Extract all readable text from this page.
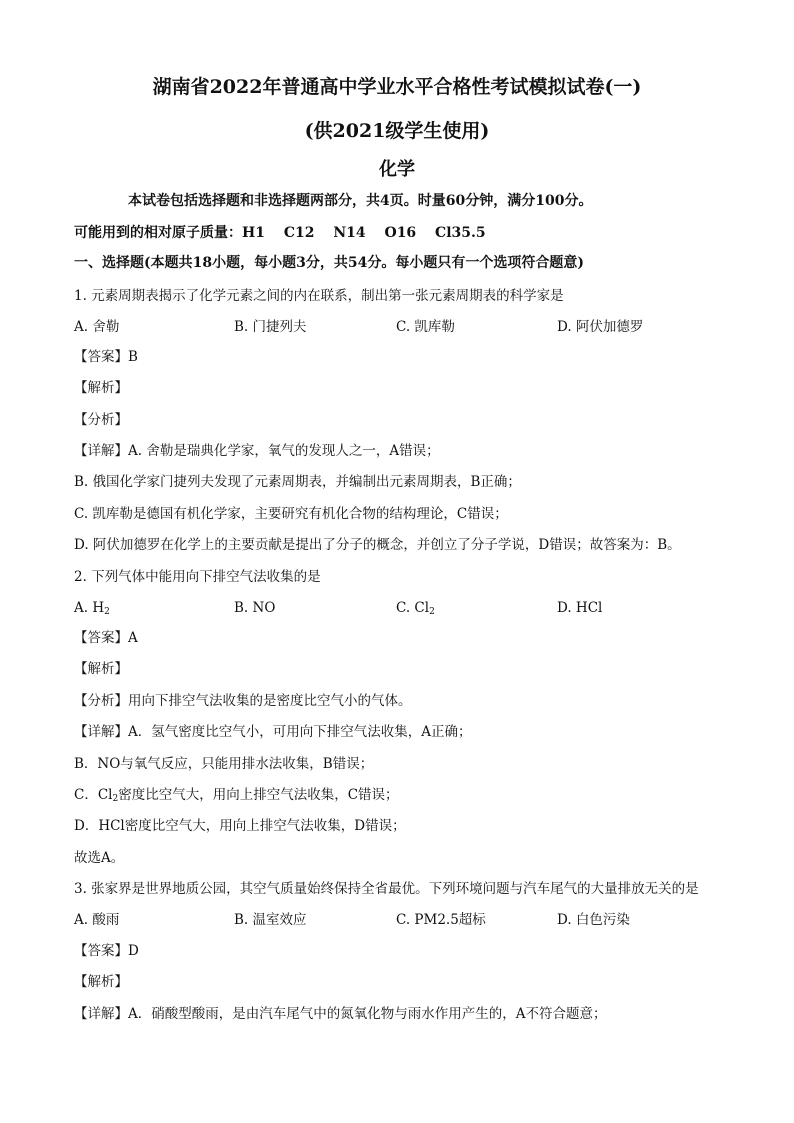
湖南省2022年普通高中学业水平合格性考试模拟试卷(一)
(供2021级学生使用)
化学
本试卷包括选择题和非选择题两部分，共4页。时量60分钟，满分100分。
可能用到的相对原子质量：H1　 C12　 N14　 O16　 Cl35.5
一、选择题(本题共18小题，每小题3分，共54分。每小题只有一个选项符合题意)
1. 元素周期表揭示了化学元素之间的内在联系，制出第一张元素周期表的科学家是
A. 舍勒	B. 门捷列夫	C. 凯库勒	D. 阿伏加德罗
【答案】B
【解析】
【分析】
【详解】A. 舍勒是瑞典化学家，氧气的发现人之一，A错误；
B. 俄国化学家门捷列夫发现了元素周期表，并编制出元素周期表，B正确；
C. 凯库勒是德国有机化学家，主要研究有机化合物的结构理论，C错误；
D. 阿伏加德罗在化学上的主要贡献是提出了分子的概念，并创立了分子学说，D错误；故答案为：B。
2. 下列气体中能用向下排空气法收集的是
A. $H_2$	B. NO	C. $Cl_2$	D. HCl
【答案】A
【解析】
【分析】用向下排空气法收集的是密度比空气小的气体。
【详解】A．氢气密度比空气小，可用向下排空气法收集，A正确；
B．NO与氧气反应，只能用排水法收集，B错误；
C．$Cl_2$密度比空气大，用向上排空气法收集，C错误；
D．HCl密度比空气大，用向上排空气法收集，D错误；
故选A。
3. 张家界是世界地质公园，其空气质量始终保持全省最优。下列环境问题与汽车尾气的大量排放无关的是
A. 酸雨	B. 温室效应	C. PM2.5超标	D. 白色污染
【答案】D
【解析】
【详解】A．硝酸型酸雨，是由汽车尾气中的氮氧化物与雨水作用产生的，A不符合题意；
